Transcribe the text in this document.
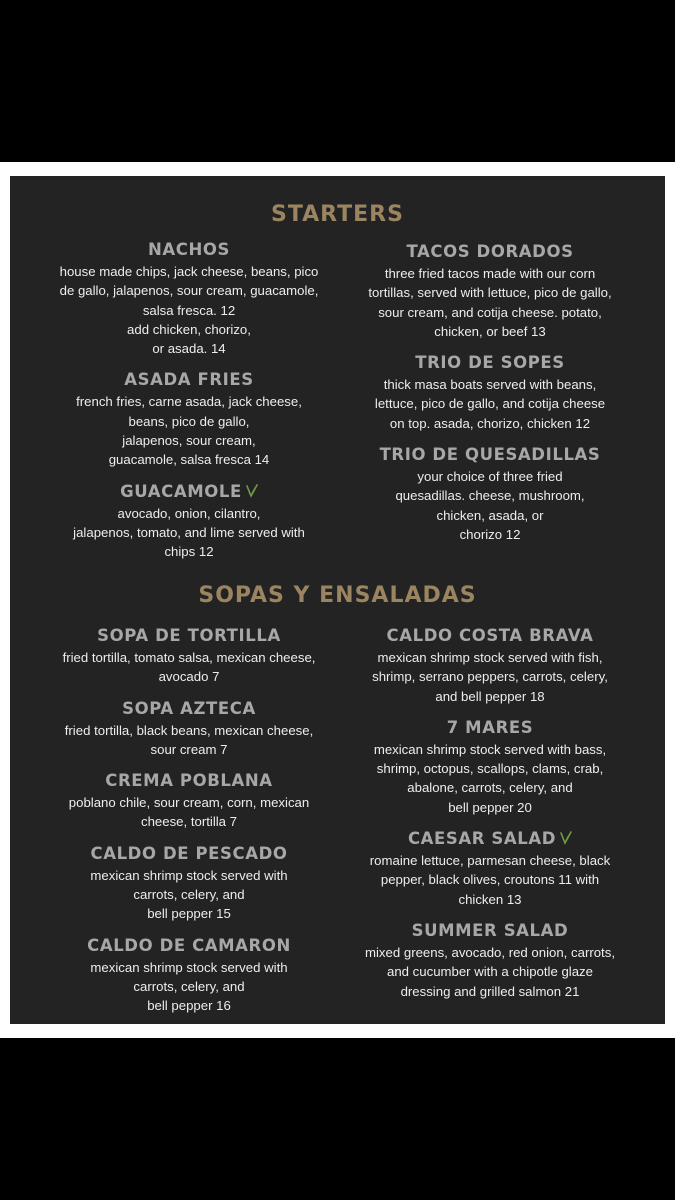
STARTERS
NACHOS
house made chips, jack cheese, beans, pico
de gallo, jalapenos, sour cream, guacamole,
salsa fresca. 12
add chicken, chorizo,
or asada. 14
ASADA FRIES
french fries, carne asada, jack cheese,
beans, pico de gallo,
jalapenos, sour cream,
guacamole, salsa fresca 14
GUACAMOLE
avocado, onion, cilantro,
jalapenos, tomato, and lime served with
chips 12
TACOS DORADOS
three fried tacos made with our corn
tortillas, served with lettuce, pico de gallo,
sour cream, and cotija cheese. potato,
chicken, or beef 13
TRIO DE SOPES
thick masa boats served with beans,
lettuce, pico de gallo, and cotija cheese
on top. asada, chorizo, chicken 12
TRIO DE QUESADILLAS
your choice of three fried
quesadillas. cheese, mushroom,
chicken, asada, or
chorizo 12
SOPAS Y ENSALADAS
SOPA DE TORTILLA
fried tortilla, tomato salsa, mexican cheese,
avocado 7
SOPA AZTECA
fried tortilla, black beans, mexican cheese,
sour cream 7
CREMA POBLANA
poblano chile, sour cream, corn, mexican
cheese, tortilla 7
CALDO DE PESCADO
mexican shrimp stock served with
carrots, celery, and
bell pepper 15
CALDO DE CAMARON
mexican shrimp stock served with
carrots, celery, and
bell pepper 16
CALDO COSTA BRAVA
mexican shrimp stock served with fish,
shrimp, serrano peppers, carrots, celery,
and bell pepper 18
7 MARES
mexican shrimp stock served with bass,
shrimp, octopus, scallops, clams, crab,
abalone, carrots, celery, and
bell pepper 20
CAESAR SALAD
romaine lettuce, parmesan cheese, black
pepper, black olives, croutons 11 with
chicken 13
SUMMER SALAD
mixed greens, avocado, red onion, carrots,
and cucumber with a chipotle glaze
dressing and grilled salmon 21
